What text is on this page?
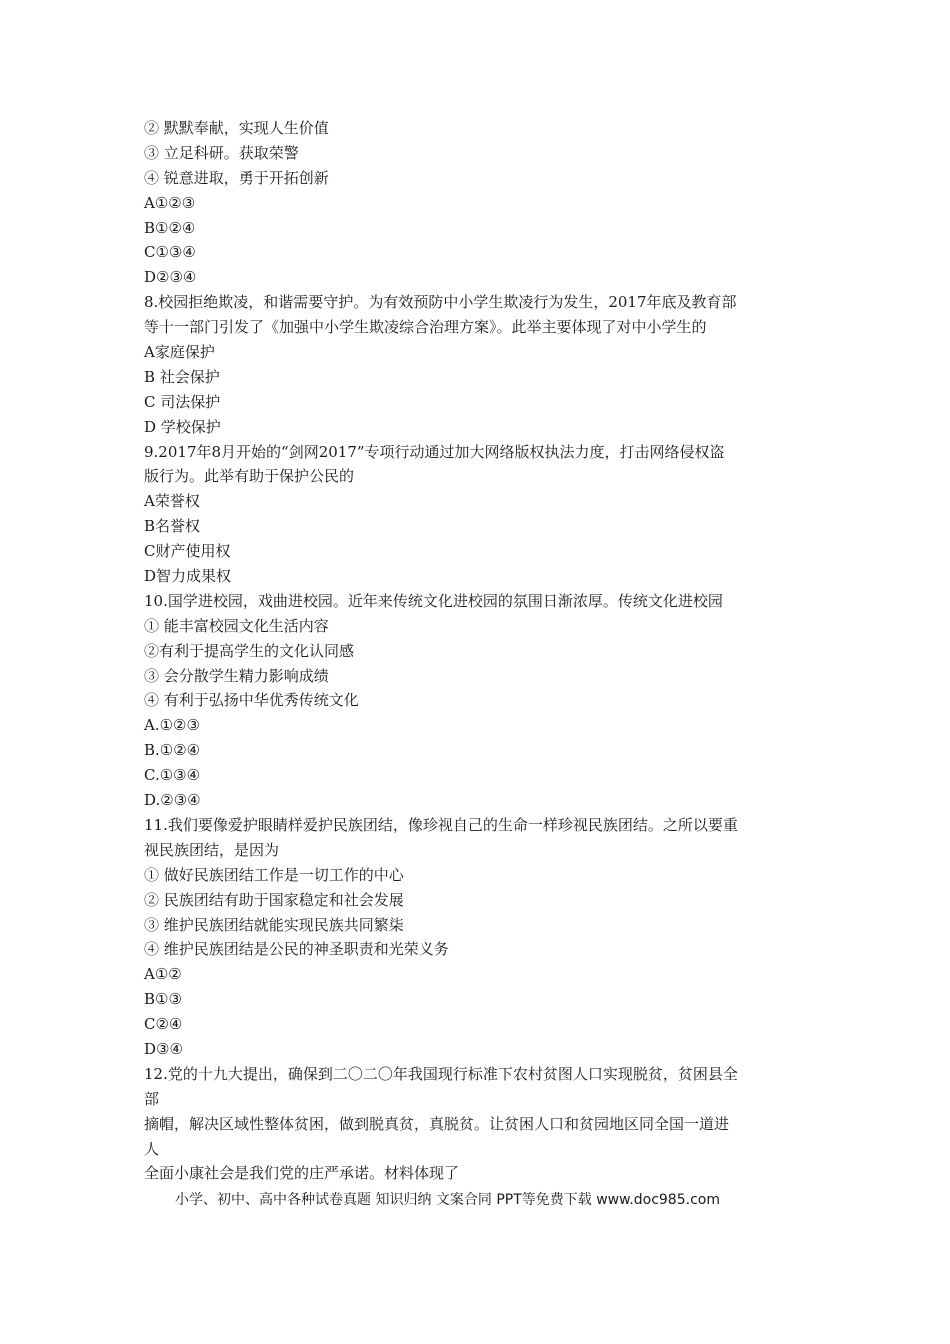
② 默默奉献，实现人生价值
③ 立足科研。获取荣警
④ 锐意进取，勇于开拓创新
A①②③
B①②④
C①③④
D②③④
8.校园拒绝欺凌，和谐需要守护。为有效预防中小学生欺凌行为发生，2017年底及教育部
等十一部门引发了《加强中小学生欺凌综合治理方案》。此举主要体现了对中小学生的
A家庭保护
B 社会保护
C 司法保护
D 学校保护
9.2017年8月开始的“剑网2017”专项行动通过加大网络版权执法力度，打击网络侵权盗
版行为。此举有助于保护公民的
A荣誉权
B名誉权
C财产使用权
D智力成果权
10.国学进校园，戏曲进校园。近年来传统文化进校园的氛围日渐浓厚。传统文化进校园
① 能丰富校园文化生活内容
②有利于提高学生的文化认同感
③ 会分散学生精力影响成绩
④ 有利于弘扬中华优秀传统文化
A.①②③
B.①②④
C.①③④
D.②③④
11.我们要像爱护眼睛样爱护民族团结，像珍视自己的生命一样珍视民族团结。之所以要重
视民族团结，是因为
① 做好民族团结工作是一切工作的中心
② 民族团结有助于国家稳定和社会发展
③ 维护民族团结就能实现民族共同繁柒
④ 维护民族团结是公民的神圣职责和光荣义务
A①②
B①③
C②④
D③④
12.党的十九大提出，确保到二〇二〇年我国现行标准下农村贫图人口实现脱贫，贫困县全
部
摘帽，解决区域性整体贫困，做到脱真贫，真脱贫。让贫困人口和贫园地区同全国一道进
人
全面小康社会是我们党的庄严承诺。材料体现了
小学、初中、高中各种试卷真题 知识归纳 文案合同 PPT等免费下载 www.doc985.com
